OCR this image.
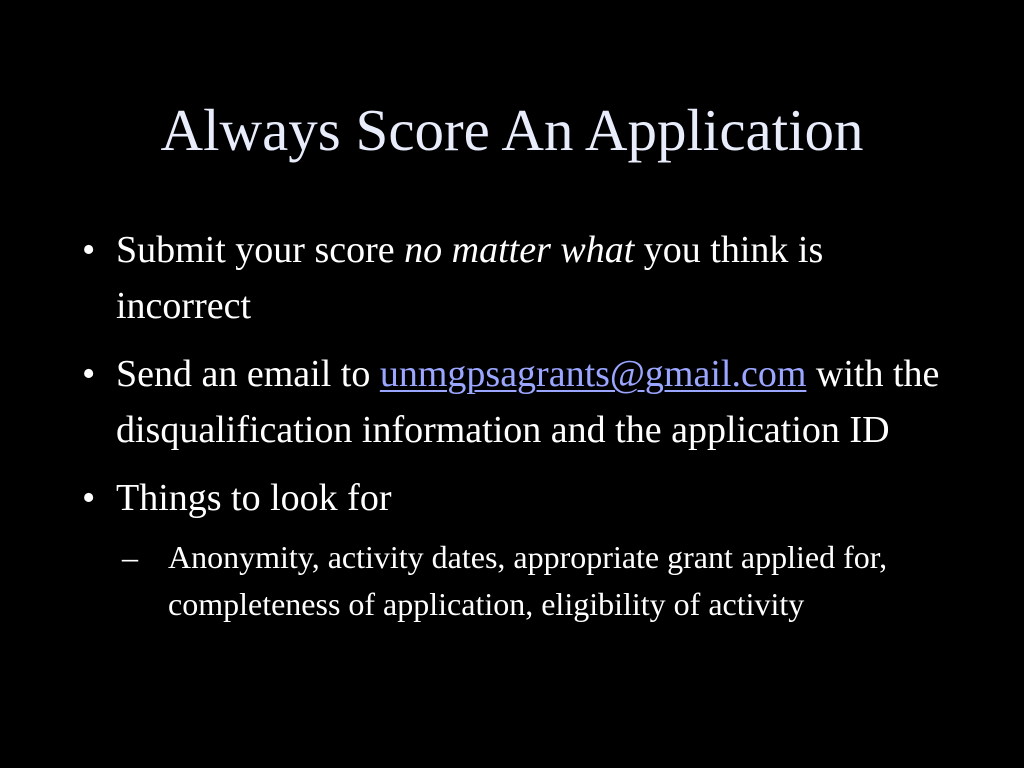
Always Score An Application
• Submit your score no matter what you think is incorrect
• Send an email to unmgpsagrants@gmail.com with the disqualification information and the application ID
• Things to look for
– Anonymity, activity dates, appropriate grant applied for, completeness of application, eligibility of activity
